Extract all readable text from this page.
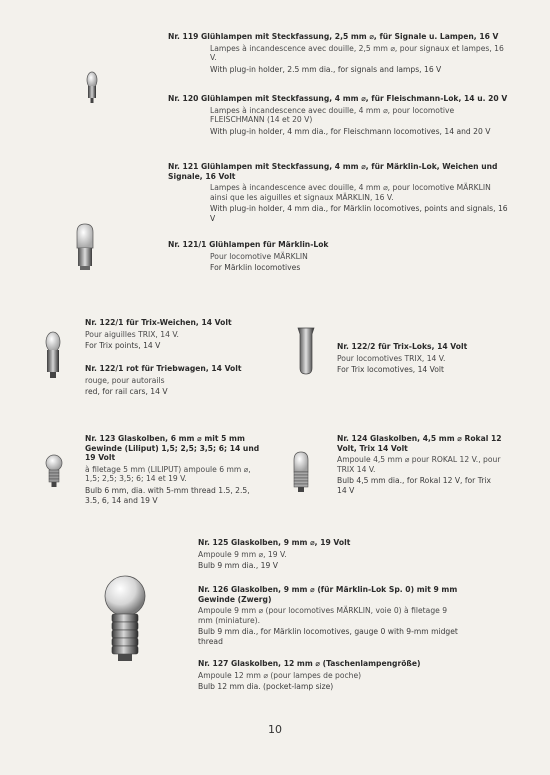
Nr. 119 Glühlampen mit Steckfassung, 2,5 mm ⌀, für Signale u. Lampen, 16 V

Lampes à incandescence avec douille, 2,5 mm ⌀, pour signaux et lampes, 16 V.

With plug-in holder, 2.5 mm dia., for signals and lamps, 16 V

Nr. 120 Glühlampen mit Steckfassung, 4 mm ⌀, für Fleischmann-Lok, 14 u. 20 V

Lampes à incandescence avec douille, 4 mm ⌀, pour locomotive FLEISCHMANN (14 et 20 V)

With plug-in holder, 4 mm dia., for Fleischmann locomotives, 14 and 20 V

Nr. 121 Glühlampen mit Steckfassung, 4 mm ⌀, für Märklin-Lok, Weichen und Signale, 16 Volt

Lampes à incandescence avec douille, 4 mm ⌀, pour locomotive MÄRKLIN ainsi que les aiguilles et signaux MÄRKLIN, 16 V.

With plug-in holder, 4 mm dia., for Märklin locomotives, points and signals, 16 V

Nr. 121/1 Glühlampen für Märklin-Lok

Pour locomotive MÄRKLIN

For Märklin locomotives

Nr. 122/1 für Trix-Weichen, 14 Volt

Pour aiguilles TRIX, 14 V.

For Trix points, 14 V

Nr. 122/1 rot für Triebwagen, 14 Volt

rouge, pour autorails

red, for rail cars, 14 V

Nr. 122/2 für Trix-Loks, 14 Volt

Pour locomotives TRIX, 14 V.

For Trix locomotives, 14 Volt

Nr. 123 Glaskolben, 6 mm ⌀ mit 5 mm Gewinde (Liliput) 1,5; 2,5; 3,5; 6; 14 und 19 Volt

à filetage 5 mm (LILIPUT) ampoule 6 mm ⌀, 1,5; 2,5; 3,5; 6; 14 et 19 V.

Bulb 6 mm, dia. with 5-mm thread 1.5, 2.5, 3.5, 6, 14 and 19 V

Nr. 124 Glaskolben, 4,5 mm ⌀ Rokal 12 Volt, Trix 14 Volt

Ampoule 4,5 mm ⌀ pour ROKAL 12 V., pour TRIX 14 V.

Bulb 4,5 mm dia., for Rokal 12 V, for Trix 14 V

Nr. 125 Glaskolben, 9 mm ⌀, 19 Volt

Ampoule 9 mm ⌀, 19 V.

Bulb 9 mm dia., 19 V

Nr. 126 Glaskolben, 9 mm ⌀ (für Märklin-Lok Sp. 0) mit 9 mm Gewinde (Zwerg)

Ampoule 9 mm ⌀ (pour locomotives MÄRKLIN, voie 0) à filetage 9 mm (miniature).

Bulb 9 mm dia., for Märklin locomotives, gauge 0 with 9-mm midget thread

Nr. 127 Glaskolben, 12 mm ⌀ (Taschenlampengröße)

Ampoule 12 mm ⌀ (pour lampes de poche)

Bulb 12 mm dia. (pocket-lamp size)

10
